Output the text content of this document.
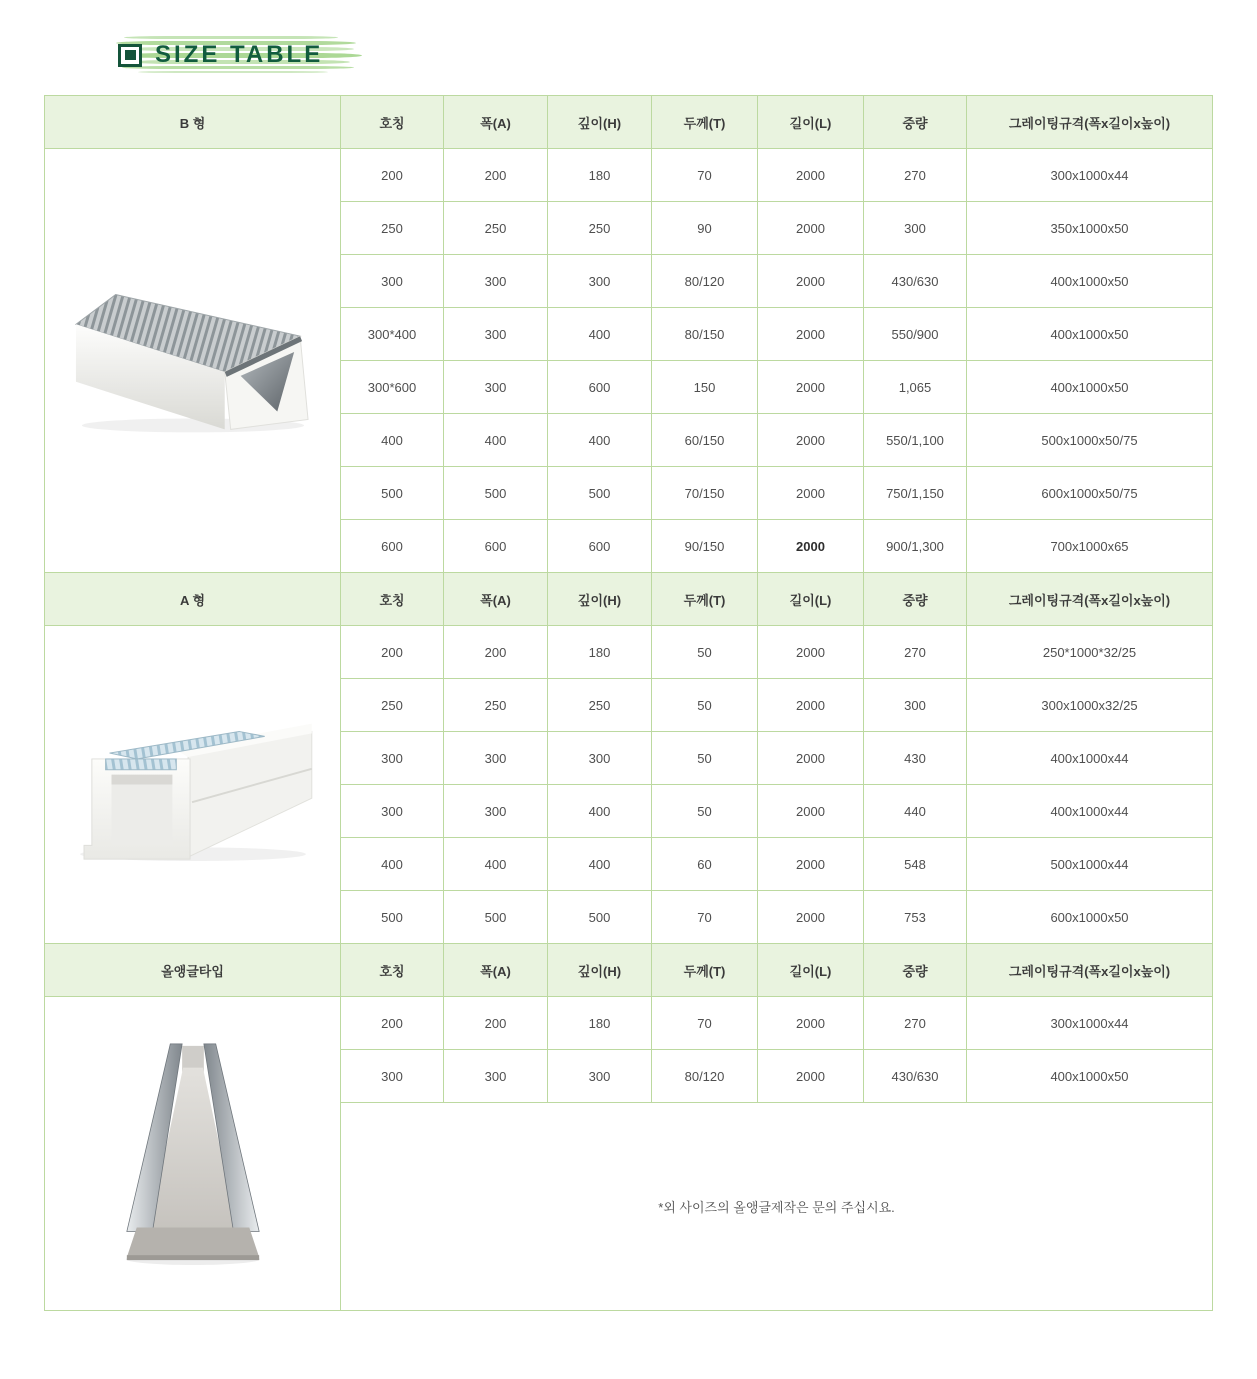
SIZE TABLE
B 형	호칭	폭(A)	깊이(H)	두께(T)	길이(L)	중량	그레이팅규격(폭x길이x높이)
	200	200	180	70	2000	270	300x1000x44
	250	250	250	90	2000	300	350x1000x50
	300	300	300	80/120	2000	430/630	400x1000x50
	300*400	300	400	80/150	2000	550/900	400x1000x50
	300*600	300	600	150	2000	1,065	400x1000x50
	400	400	400	60/150	2000	550/1,100	500x1000x50/75
	500	500	500	70/150	2000	750/1,150	600x1000x50/75
	600	600	600	90/150	2000	900/1,300	700x1000x65
A 형	호칭	폭(A)	깊이(H)	두께(T)	길이(L)	중량	그레이팅규격(폭x길이x높이)
	200	200	180	50	2000	270	250*1000*32/25
	250	250	250	50	2000	300	300x1000x32/25
	300	300	300	50	2000	430	400x1000x44
	300	300	400	50	2000	440	400x1000x44
	400	400	400	60	2000	548	500x1000x44
	500	500	500	70	2000	753	600x1000x50
올앵글타입	호칭	폭(A)	깊이(H)	두께(T)	길이(L)	중량	그레이팅규격(폭x길이x높이)
	200	200	180	70	2000	270	300x1000x44
	300	300	300	80/120	2000	430/630	400x1000x50
	*외 사이즈의 올앵글제작은 문의 주십시요.						
